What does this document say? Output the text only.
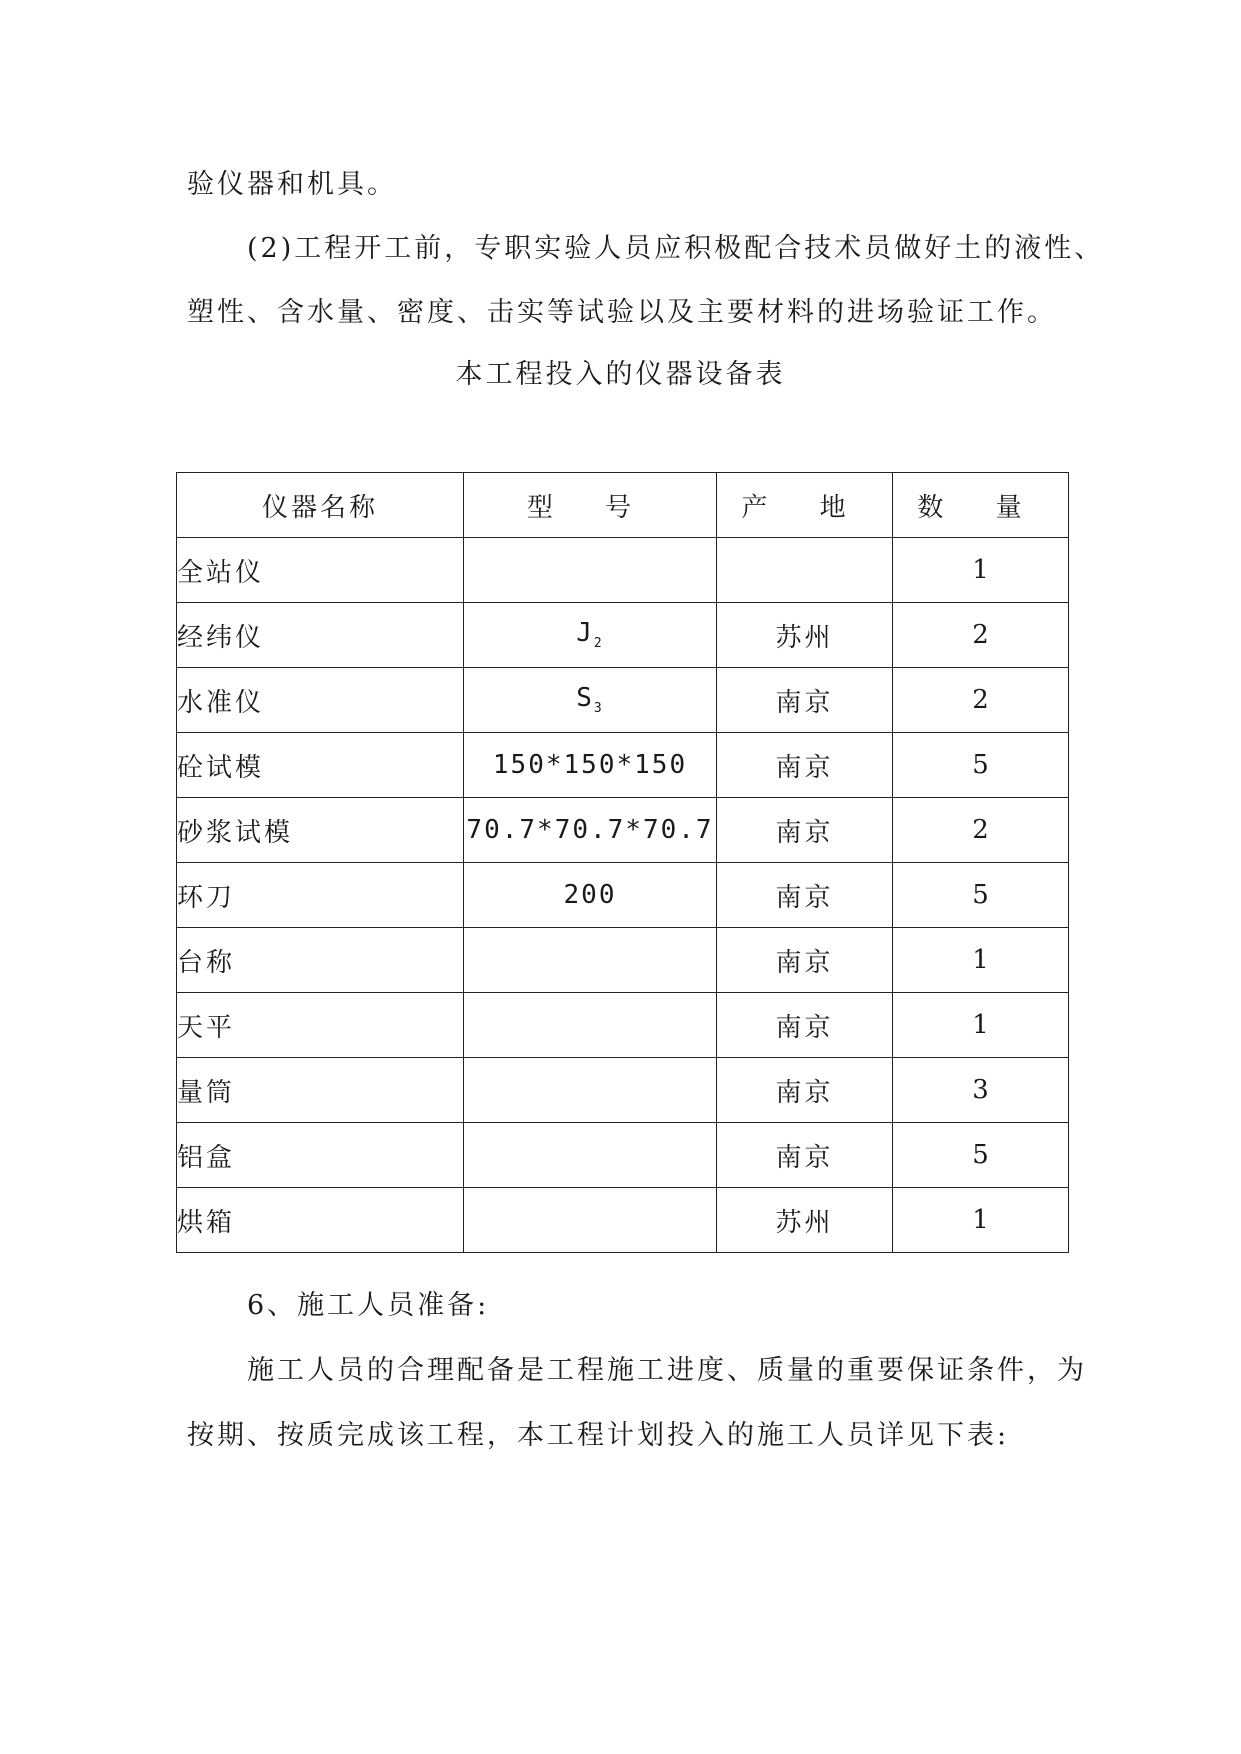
验仪器和机具。
(2)工程开工前，专职实验人员应积极配合技术员做好土的液性、
塑性、含水量、密度、击实等试验以及主要材料的进场验证工作。
本工程投入的仪器设备表
仪器名称	型 号	产 地	数 量
全站仪			1
经纬仪	$J_2$	苏州	2
水准仪	$S_3$	南京	2
砼试模	150*150*150	南京	5
砂浆试模	70.7*70.7*70.7	南京	2
环刀	200	南京	5
台称		南京	1
天平		南京	1
量筒		南京	3
铝盒		南京	5
烘箱		苏州	1
6、施工人员准备:
施工人员的合理配备是工程施工进度、质量的重要保证条件，为
按期、按质完成该工程，本工程计划投入的施工人员详见下表:
